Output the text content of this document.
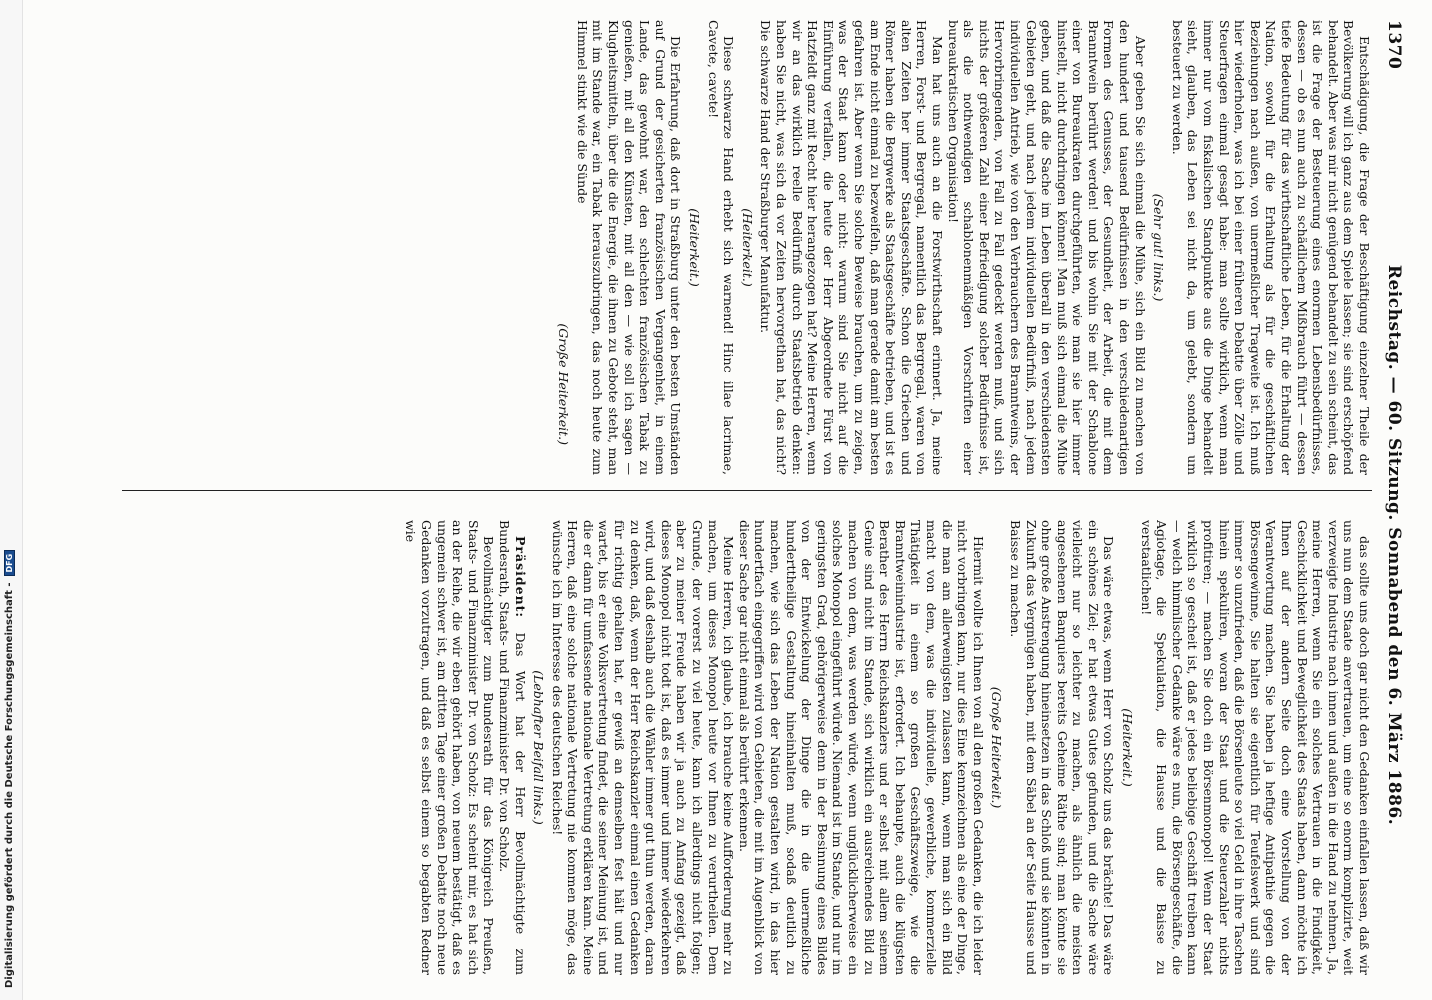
Digitalisierung gefördert durch die Deutsche Forschungsgemeinschaft -
DFG
1370
Reichstag. — 60. Sitzung. Sonnabend den 6. März 1886.

Entschädigung, die Frage der Beschäftigung einzelner Theile der Bevölkerung will ich ganz aus dem Spiele lassen; sie sind erschöpfend behandelt. Aber was mir nicht genügend behandelt zu sein scheint, das ist die Frage der Besteuerung eines enormen Lebensbedürfnisses, dessen — ob es nun auch zu schädlichem Mißbrauch führt — dessen tiefe Bedeutung für das wirthschaftliche Leben, für die Erhaltung der Nation, sowohl für die Erhaltung als für die geschäftlichen Beziehungen nach außen, von unermeßlicher Tragweite ist. Ich muß hier wiederholen, was ich bei einer früheren Debatte über Zölle und Steuerfragen einmal gesagt habe: man sollte wirklich, wenn man immer nur vom fiskalischen Standpunkte aus die Dinge behandelt sieht, glauben, das Leben sei nicht da, um gelebt, sondern um besteuert zu werden.

(Sehr gut! links.)

Aber geben Sie sich einmal die Mühe, sich ein Bild zu machen von den hundert und tausend Bedürfnissen in den verschiedenartigen Formen des Genusses, der Gesundheit, der Arbeit, die mit dem Branntwein berührt werden! und bis wohin Sie mit der Schablone einer von Bureaukraten durchgeführten, wie man sie hier immer hinstellt, nicht durchdringen können! Man muß sich einmal die Mühe geben, und daß die Sache im Leben überall in den verschiedensten Gebieten geht, und nach jedem individuellen Bedürfniß, nach jedem individuellen Antrieb, wie von den Verbrauchern des Branntweins, der Hervorbringenden, von Fall zu Fall gedeckt werden muß, und sich nichts der größeren Zahl einer Befriedigung solcher Bedürfnisse ist, als die nothwendigen schablonenmäßigen Vorschriften einer bureaukratischen Organisation!

Man hat uns auch an die Forstwirthschaft erinnert. Ja, meine Herren, Forst- und Bergregal, namentlich das Bergregal, waren von alten Zeiten her immer Staatsgeschäfte. Schon die Griechen und Römer haben die Bergwerke als Staatsgeschäfte betrieben, und ist es am Ende nicht einmal zu bezweifeln, daß man gerade damit am besten gefahren ist. Aber wenn Sie solche Beweise brauchen, um zu zeigen, was der Staat kann oder nicht: warum sind Sie nicht auf die Einführung verfallen, die heute der Herr Abgeordnete Fürst von Hatzfeldt ganz mit Recht hier herangezogen hat? Meine Herren, wenn wir an das wirklich reelle Bedürfniß durch Staatsbetrieb denken: haben Sie nicht, was sich da vor Zeiten hervorgethan hat, das nicht? Die schwarze Hand der Straßburger Manufaktur.

(Heiterkeit.)

Diese schwarze Hand erhebt sich warnend! Hinc illae lacrimae, Cavete, cavete!

(Heiterkeit.)

Die Erfahrung, daß dort in Straßburg unter den besten Umständen auf Grund der gesicherten französischen Vergangenheit, in einem Lande, das gewohnt war, den schlechten französischen Tabak zu genießen, mit all den Künsten, mit all den — wie soll ich sagen — Klugheitsmitteln, über die die Energie, die ihnen zu Gebote steht, man mit im Stande war, ein Tabak herauszubringen, das noch heute zum Himmel stinkt wie die Sünde

(Große Heiterkeit.)

das sollte uns doch gar nicht den Gedanken einfallen lassen, daß wir uns nun dem Staate anvertrauen, um eine so enorm komplizirte, weit verzweigte Industrie nach innen und außen in die Hand zu nehmen. Ja, meine Herren, wenn Sie ein solches Vertrauen in die Findigkeit, Geschicklichkeit und Beweglichkeit des Staats haben, dann möchte ich Ihnen auf der andern Seite doch eine Vorstellung von der Verantwortung machen. Sie haben ja heftige Antipathie gegen die Börsengewinne, Sie halten sie eigentlich für Teufelswerk und sind immer so unzufrieden, daß die Börsenleute so viel Geld in ihre Taschen hinein spekuliren, woran der Staat und die Steuerzahler nichts profitiren; — machen Sie doch ein Börsenmonopol! Wenn der Staat wirklich so gescheit ist, daß er jedes beliebige Geschäft treiben kann — welch himmlischer Gedanke wäre es nun, die Börsengeschäfte, die Agiotage, die Spekulation, die Hausse und die Baisse zu verstaatlichen!

(Heiterkeit.)

Das wäre etwas, wenn Herr von Scholz uns das brächte! Das wäre ein schönes Ziel; er hat etwas Gutes gefunden, und die Sache wäre vielleicht nur so leichter zu machen, als ähnlich die meisten angesehenen Banquiers bereits Geheime Räthe sind; man könnte sie ohne große Anstrengung hineinsetzen in das Schloß und sie könnten in Zukunft das Vergnügen haben, mit dem Säbel an der Seite Hausse und Baisse zu machen.

(Große Heiterkeit.)

Hiermit wollte ich Ihnen von all den großen Gedanken, die ich leider nicht vorbringen kann, nur dies Eine kennzeichnen als eine der Dinge, die man am allerwenigsten zulassen kann, wenn man sich ein Bild macht von dem, was die individuelle, gewerbliche, kommerzielle Thätigkeit in einem so großen Geschäftszweige, wie die Branntweinindustrie ist, erfordert. Ich behaupte, auch die klügsten Berather des Herrn Reichskanzlers und er selbst mit allem seinem Genie sind nicht im Stande, sich wirklich ein ausreichendes Bild zu machen von dem, was werden würde, wenn unglücklicherweise ein solches Monopol eingeführt würde. Niemand ist im Stande, und nur im geringsten Grad, gehörigerweise denn in der Besinnung eines Bildes von der Entwickelung der Dinge die in die unermeßliche hunderttheilige Gestaltung hineinhalten muß, sodaß deutlich zu machen, wie sich das Leben der Nation gestalten wird, in das hier hundertfach eingegriffen wird von Gebieten, die mit im Augenblick von dieser Sache gar nicht einmal als berührt erkennen.

Meine Herren, ich glaube, ich brauche keine Aufforderung mehr zu machen, um dieses Monopol heute vor Ihnen zu verurtheilen. Dem Grunde, der vorerst zu viel heute, kann ich allerdings nicht folgen; aber zu meiner Freude haben wir ja auch zu Anfang gezeigt, daß dieses Monopol nicht todt ist, daß es immer und immer wiederkehren wird, und daß deshalb auch die Wähler immer gut thun werden, daran zu denken, daß, wenn der Herr Reichskanzler einmal einen Gedanken für richtig gehalten hat, er gewiß an demselben fest hält und nur wartet, bis er eine Volksvertretung findet, die seiner Meinung ist, und die er dann für umfassende nationale Vertretung erklären kann. Meine Herren, daß eine solche nationale Vertretung nie kommen möge, das wünsche ich im Interesse des deutschen Reiches!

(Lebhafter Beifall links.)

Präsident: Das Wort hat der Herr Bevollmächtigte zum Bundesrath, Staats- und Finanzminister Dr. von Scholz.

Bevollmächtigter zum Bundesrath für das Königreich Preußen, Staats- und Finanzminister Dr. von Scholz: Es scheint mir, es hat sich an der Reihe, die wir eben gehört haben, von neuem bestätigt, daß es ungemein schwer ist, am dritten Tage einer großen Debatte noch neue Gedanken vorzutragen, und daß es selbst einem so begabten Redner wie
